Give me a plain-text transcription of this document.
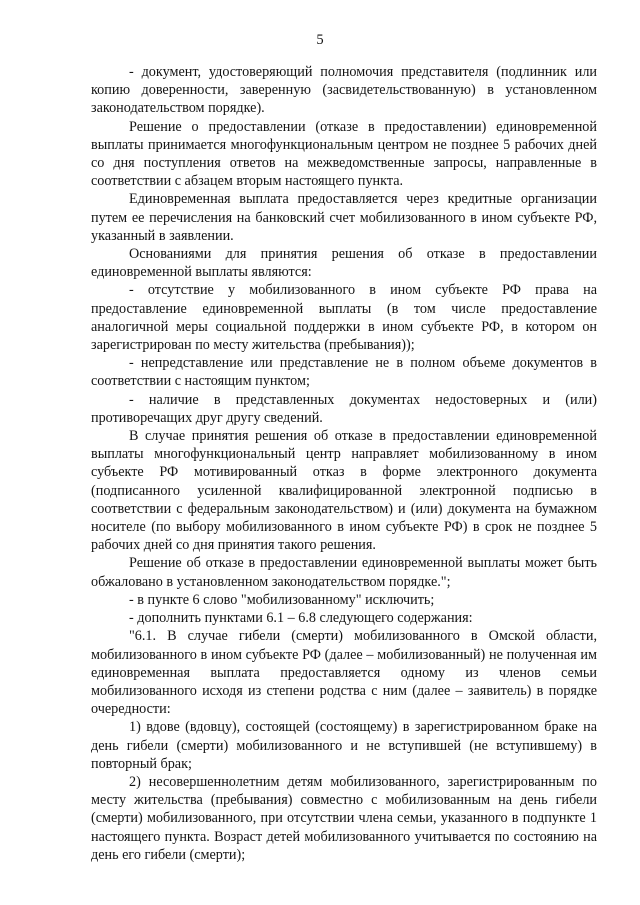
5

- документ, удостоверяющий полномочия представителя (подлинник или копию доверенности, заверенную (засвидетельствованную) в установленном законодательством порядке).

Решение о предоставлении (отказе в предоставлении) единовременной выплаты принимается многофункциональным центром не позднее 5 рабочих дней со дня поступления ответов на межведомственные запросы, направленные в соответствии с абзацем вторым настоящего пункта.

Единовременная выплата предоставляется через кредитные организации путем ее перечисления на банковский счет мобилизованного в ином субъекте РФ, указанный в заявлении.

Основаниями для принятия решения об отказе в предоставлении единовременной выплаты являются:

- отсутствие у мобилизованного в ином субъекте РФ права на предоставление единовременной выплаты (в том числе предоставление аналогичной меры социальной поддержки в ином субъекте РФ, в котором он зарегистрирован по месту жительства (пребывания));

- непредставление или представление не в полном объеме документов в соответствии с настоящим пунктом;

- наличие в представленных документах недостоверных и (или) противоречащих друг другу сведений.

В случае принятия решения об отказе в предоставлении единовременной выплаты многофункциональный центр направляет мобилизованному в ином субъекте РФ мотивированный отказ в форме электронного документа (подписанного усиленной квалифицированной электронной подписью в соответствии с федеральным законодательством) и (или) документа на бумажном носителе (по выбору мобилизованного в ином субъекте РФ) в срок не позднее 5 рабочих дней со дня принятия такого решения.

Решение об отказе в предоставлении единовременной выплаты может быть обжаловано в установленном законодательством порядке.";

- в пункте 6 слово "мобилизованному" исключить;

- дополнить пунктами 6.1 – 6.8 следующего содержания:

"6.1. В случае гибели (смерти) мобилизованного в Омской области, мобилизованного в ином субъекте РФ (далее – мобилизованный) не полученная им единовременная выплата предоставляется одному из членов семьи мобилизованного исходя из степени родства с ним (далее – заявитель) в порядке очередности:

1) вдове (вдовцу), состоящей (состоящему) в зарегистрированном браке на день гибели (смерти) мобилизованного и не вступившей (не вступившему) в повторный брак;

2) несовершеннолетним детям мобилизованного, зарегистрированным по месту жительства (пребывания) совместно с мобилизованным на день гибели (смерти) мобилизованного, при отсутствии члена семьи, указанного в подпункте 1 настоящего пункта. Возраст детей мобилизованного учитывается по состоянию на день его гибели (смерти);
